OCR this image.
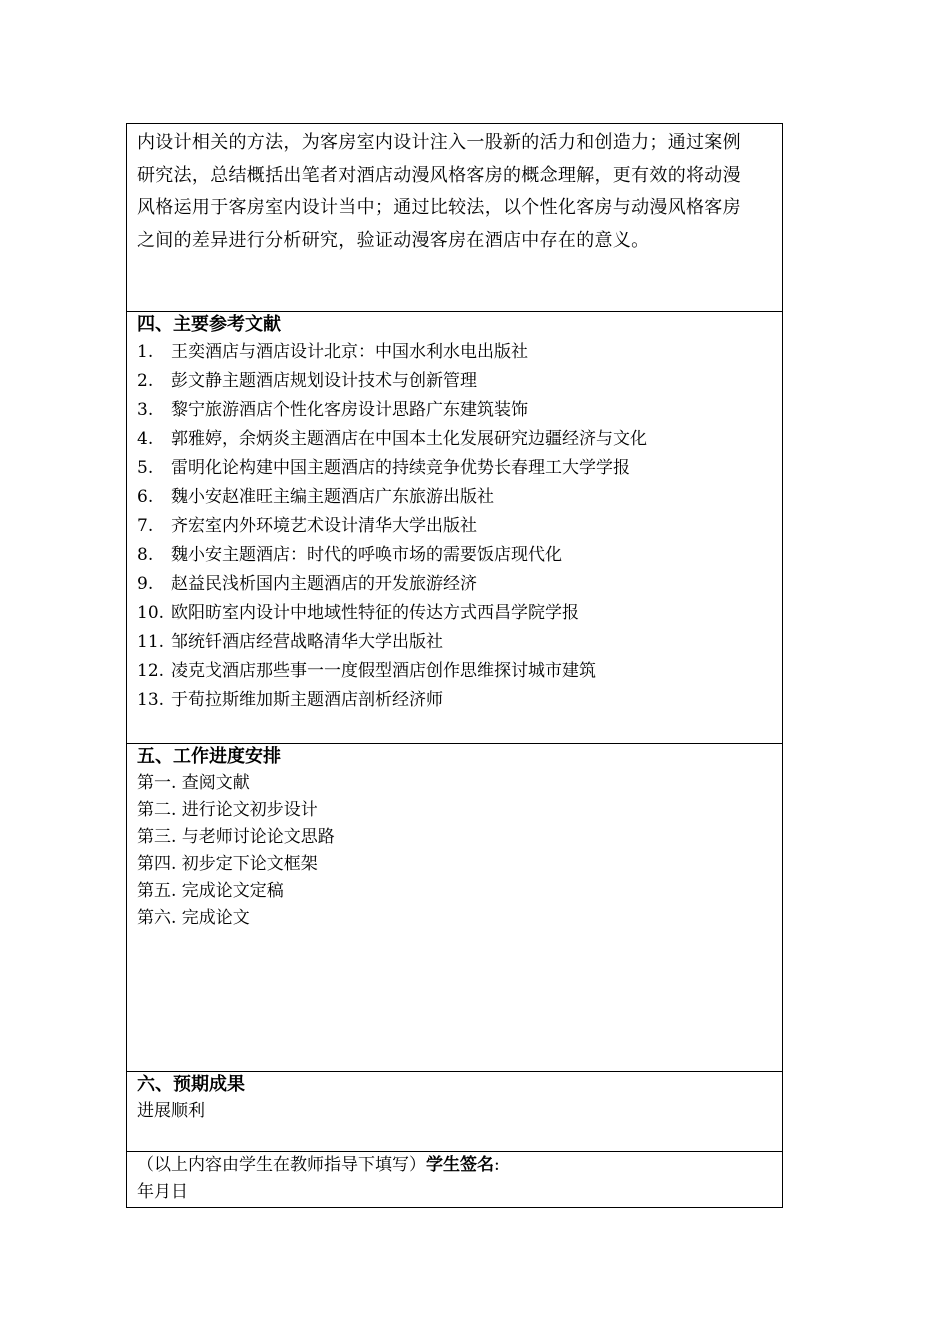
内设计相关的方法，为客房室内设计注入一股新的活力和创造力；通过案例

研究法，总结概括出笔者对酒店动漫风格客房的概念理解，更有效的将动漫

风格运用于客房室内设计当中；通过比较法，以个性化客房与动漫风格客房

之间的差异进行分析研究，验证动漫客房在酒店中存在的意义。

四、主要参考文献

1. 王奕酒店与酒店设计北京：中国水利水电出版社

2. 彭文静主题酒店规划设计技术与创新管理

3. 黎宁旅游酒店个性化客房设计思路广东建筑装饰

4. 郭雅婷，余炳炎主题酒店在中国本土化发展研究边疆经济与文化

5. 雷明化论构建中国主题酒店的持续竞争优势长春理工大学学报

6. 魏小安赵准旺主编主题酒店广东旅游出版社

7. 齐宏室内外环境艺术设计清华大学出版社

8. 魏小安主题酒店：时代的呼唤市场的需要饭店现代化

9. 赵益民浅析国内主题酒店的开发旅游经济

10. 欧阳昉室内设计中地域性特征的传达方式西昌学院学报

11. 邹统钎酒店经营战略清华大学出版社

12. 凌克戈酒店那些事一一度假型酒店创作思维探讨城市建筑

13. 于荀拉斯维加斯主题酒店剖析经济师

五、工作进度安排

第一. 查阅文献

第二. 进行论文初步设计

第三. 与老师讨论论文思路

第四. 初步定下论文框架

第五. 完成论文定稿

第六. 完成论文

六、预期成果

进展顺利

（以上内容由学生在教师指导下填写）学生签名:

年月日
